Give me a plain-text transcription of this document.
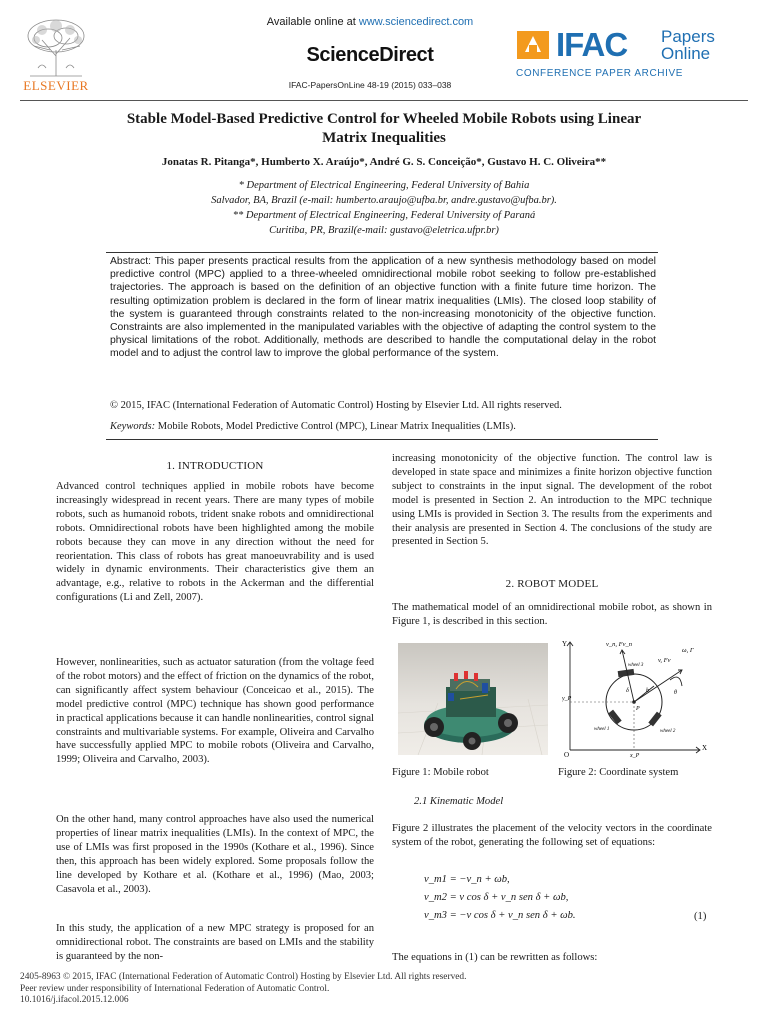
ELSEVIER
Available online at www.sciencedirect.com
ScienceDirect
IFAC-PapersOnLine 48-19 (2015) 033–038
IFAC Papers
Online
CONFERENCE PAPER ARCHIVE
Stable Model-Based Predictive Control for Wheeled Mobile Robots using Linear
Matrix Inequalities
Jonatas R. Pitanga*, Humberto X. Araújo*, André G. S. Conceição*, Gustavo H. C. Oliveira**
* Department of Electrical Engineering, Federal University of Bahia
Salvador, BA, Brazil (e-mail: humberto.araujo@ufba.br, andre.gustavo@ufba.br).
** Department of Electrical Engineering, Federal University of Paraná
Curitiba, PR, Brazil(e-mail: gustavo@eletrica.ufpr.br)
Abstract: This paper presents practical results from the application of a new synthesis methodology based on model predictive control (MPC) applied to a three-wheeled omnidirectional mobile robot seeking to follow pre-established trajectories. The approach is based on the definition of an objective function with a finite future time horizon. The resulting optimization problem is declared in the form of linear matrix inequalities (LMIs). The closed loop stability of the system is guaranteed through constraints related to the non-increasing monotonicity of the objective function. Constraints are also implemented in the manipulated variables with the objective of adapting the control system to the physical limitations of the robot. Additionally, methods are described to handle the computational delay in the robot model and to adjust the control law to improve the global performance of the system.
© 2015, IFAC (International Federation of Automatic Control) Hosting by Elsevier Ltd. All rights reserved.
Keywords: Mobile Robots, Model Predictive Control (MPC), Linear Matrix Inequalities (LMIs).
1. INTRODUCTION
Advanced control techniques applied in mobile robots have become increasingly widespread in recent years. There are many types of mobile robots, such as humanoid robots, trident snake robots and omnidirectional robots. Omnidirectional robots have been highlighted among the mobile robots because they can move in any direction without the need for reorientation. This class of robots has great manoeuvrability and is used widely in dynamic environments. Their characteristics give them an advantage, e.g., relative to robots in the Ackerman and the differential configurations (Li and Zell, 2007).
However, nonlinearities, such as actuator saturation (from the voltage feed of the robot motors) and the effect of friction on the dynamics of the robot, can significantly affect system behaviour (Conceicao et al., 2015). The model predictive control (MPC) technique has shown good performance in practical applications because it can handle nonlinearities, control signal constraints and multivariable systems. For example, Oliveira and Carvalho have successfully applied MPC to mobile robots (Oliveira and Carvalho, 1999; Oliveira and Carvalho, 2003).
On the other hand, many control approaches have also used the numerical properties of linear matrix inequalities (LMIs). In the context of MPC, the use of LMIs was first proposed in the 1990s (Kothare et al., 1996). Since then, this approach has been widely explored. Some proposals follow the line developed by Kothare et al. (Kothare et al., 1996) (Mao, 2003; Casavola et al., 2003).
In this study, the application of a new MPC strategy is proposed for an omnidirectional robot. The constraints are based on LMIs and the stability is guaranteed by the non-
increasing monotonicity of the objective function. The control law is developed in state space and minimizes a finite horizon objective function subject to constraints in the input signal. The development of the robot model is presented in Section 2. An introduction to the MPC technique using LMIs is provided in Section 3. The results from the experiments and their analysis are presented in Section 4. The conclusions of the study are presented in Section 5.
2. ROBOT MODEL
The mathematical model of an omnidirectional mobile robot, as shown in Figure 1, is described in this section.
Y
X
O
v_n, Fv_n
v, Fv
ω, Γ
wheel 3
wheel 1	wheel 2
δ	b
P
θ
y_P
x_P
Figure 1: Mobile robot	Figure 2: Coordinate system
2.1 Kinematic Model
Figure 2 illustrates the placement of the velocity vectors in the coordinate system of the robot, generating the following set of equations:
v_m1 = −v_n + ωb,
v_m2 = v cos δ + v_n sen δ + ωb,
v_m3 = −v cos δ + v_n sen δ + ωb.	(1)
The equations in (1) can be rewritten as follows:
2405-8963 © 2015, IFAC (International Federation of Automatic Control) Hosting by Elsevier Ltd. All rights reserved.
Peer review under responsibility of International Federation of Automatic Control.
10.1016/j.ifacol.2015.12.006
